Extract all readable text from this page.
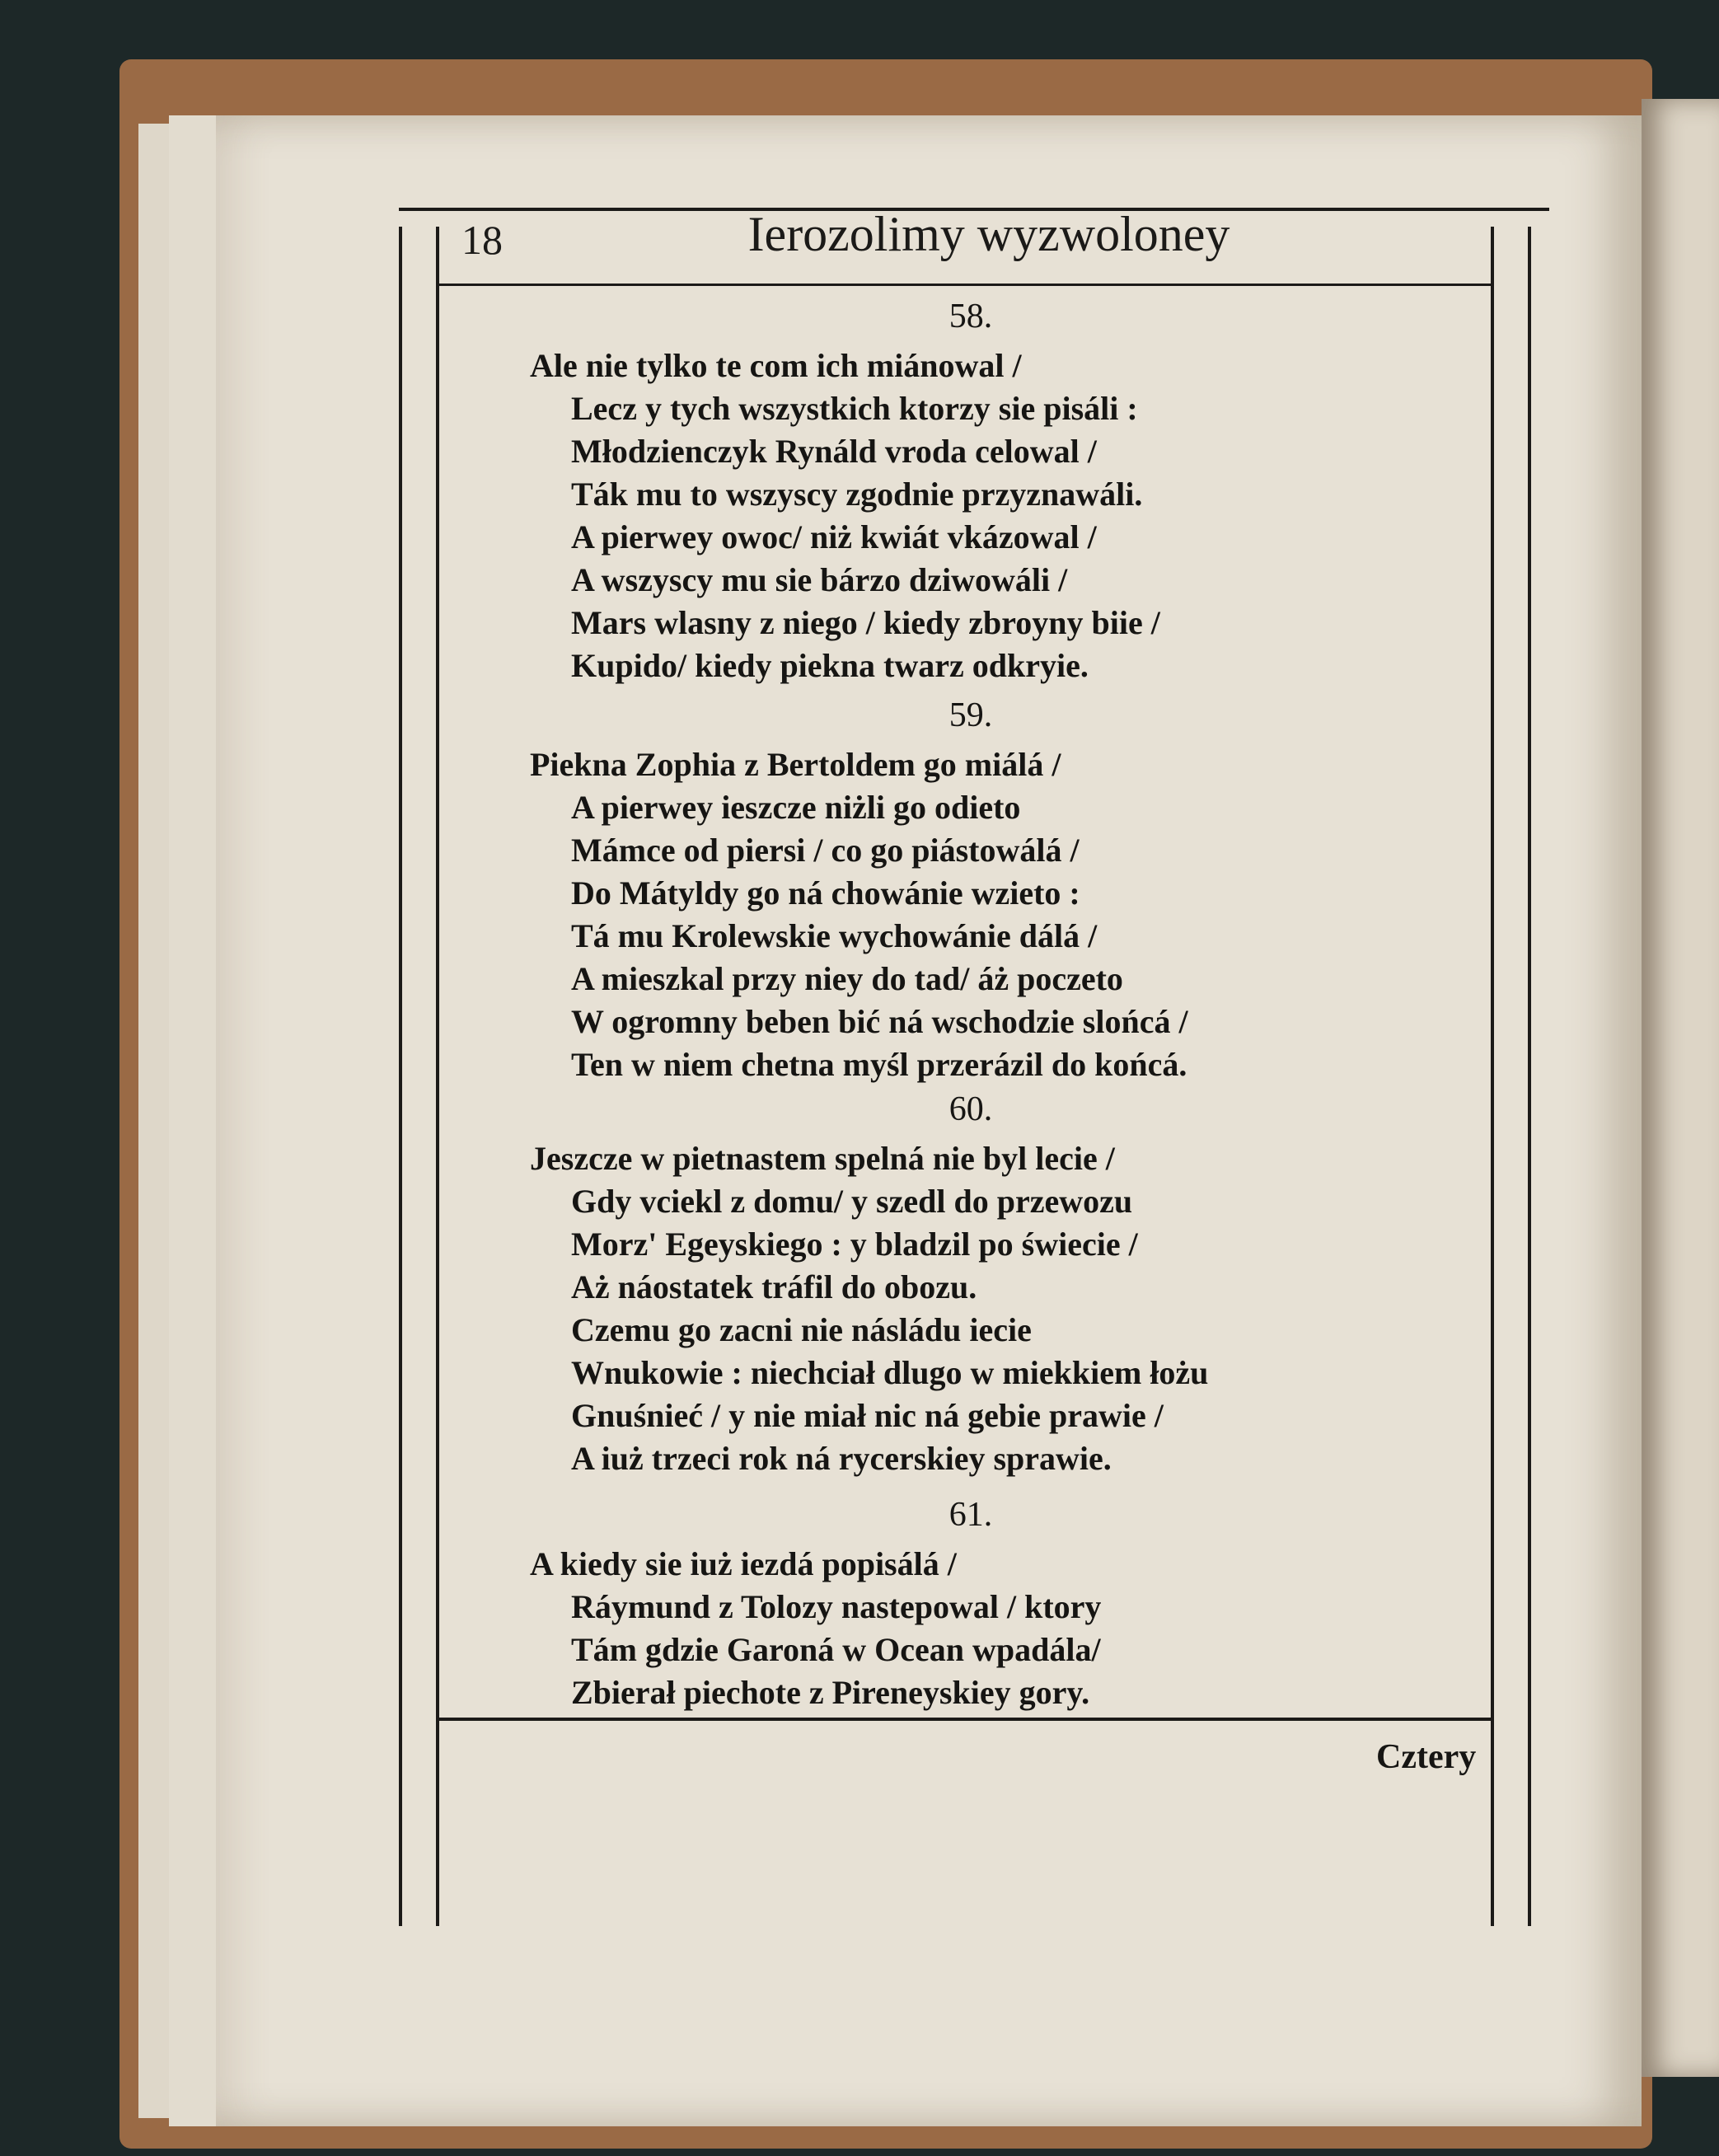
18	Ierozolimy wyzwoloney
58.
Ale nie tylko te com ich miánowal /
Lecz y tych wszystkich ktorzy sie pisáli :
Młodzienczyk Rynáld vroda celowal /
Ták mu to wszyscy zgodnie przyznawáli.
A pierwey owoc/ niż kwiát vkázowal /
A wszyscy mu sie bárzo dziwowáli /
Mars wlasny z niego / kiedy zbroyny biie /
Kupido/ kiedy piekna twarz odkryie.
59.
Piekna Zophia z Bertoldem go miálá /
A pierwey ieszcze niżli go odieto
Mámce od piersi / co go piástowálá /
Do Mátyldy go ná chowánie wzieto :
Tá mu Krolewskie wychowánie dálá /
A mieszkal przy niey do tad/ áż poczeto
W ogromny beben bić ná wschodzie slońcá /
Ten w niem chetna myśl przerázil do końcá.
60.
Jeszcze w pietnastem spelná nie byl lecie /
Gdy vciekl z domu/ y szedl do przewozu
Morz' Egeyskiego : y bladzil po świecie /
Aż náostatek tráfil do obozu.
Czemu go zacni nie násládu iecie
Wnukowie : niechciał dlugo w miekkiem łożu
Gnuśnieć / y nie miał nic ná gebie prawie /
A iuż trzeci rok ná rycerskiey sprawie.
61.
A kiedy sie iuż iezdá popisálá /
Ráymund z Tolozy nastepowal / ktory
Tám gdzie Garoná w Ocean wpadála/
Zbierał piechote z Pireneyskiey gory.
Cztery
